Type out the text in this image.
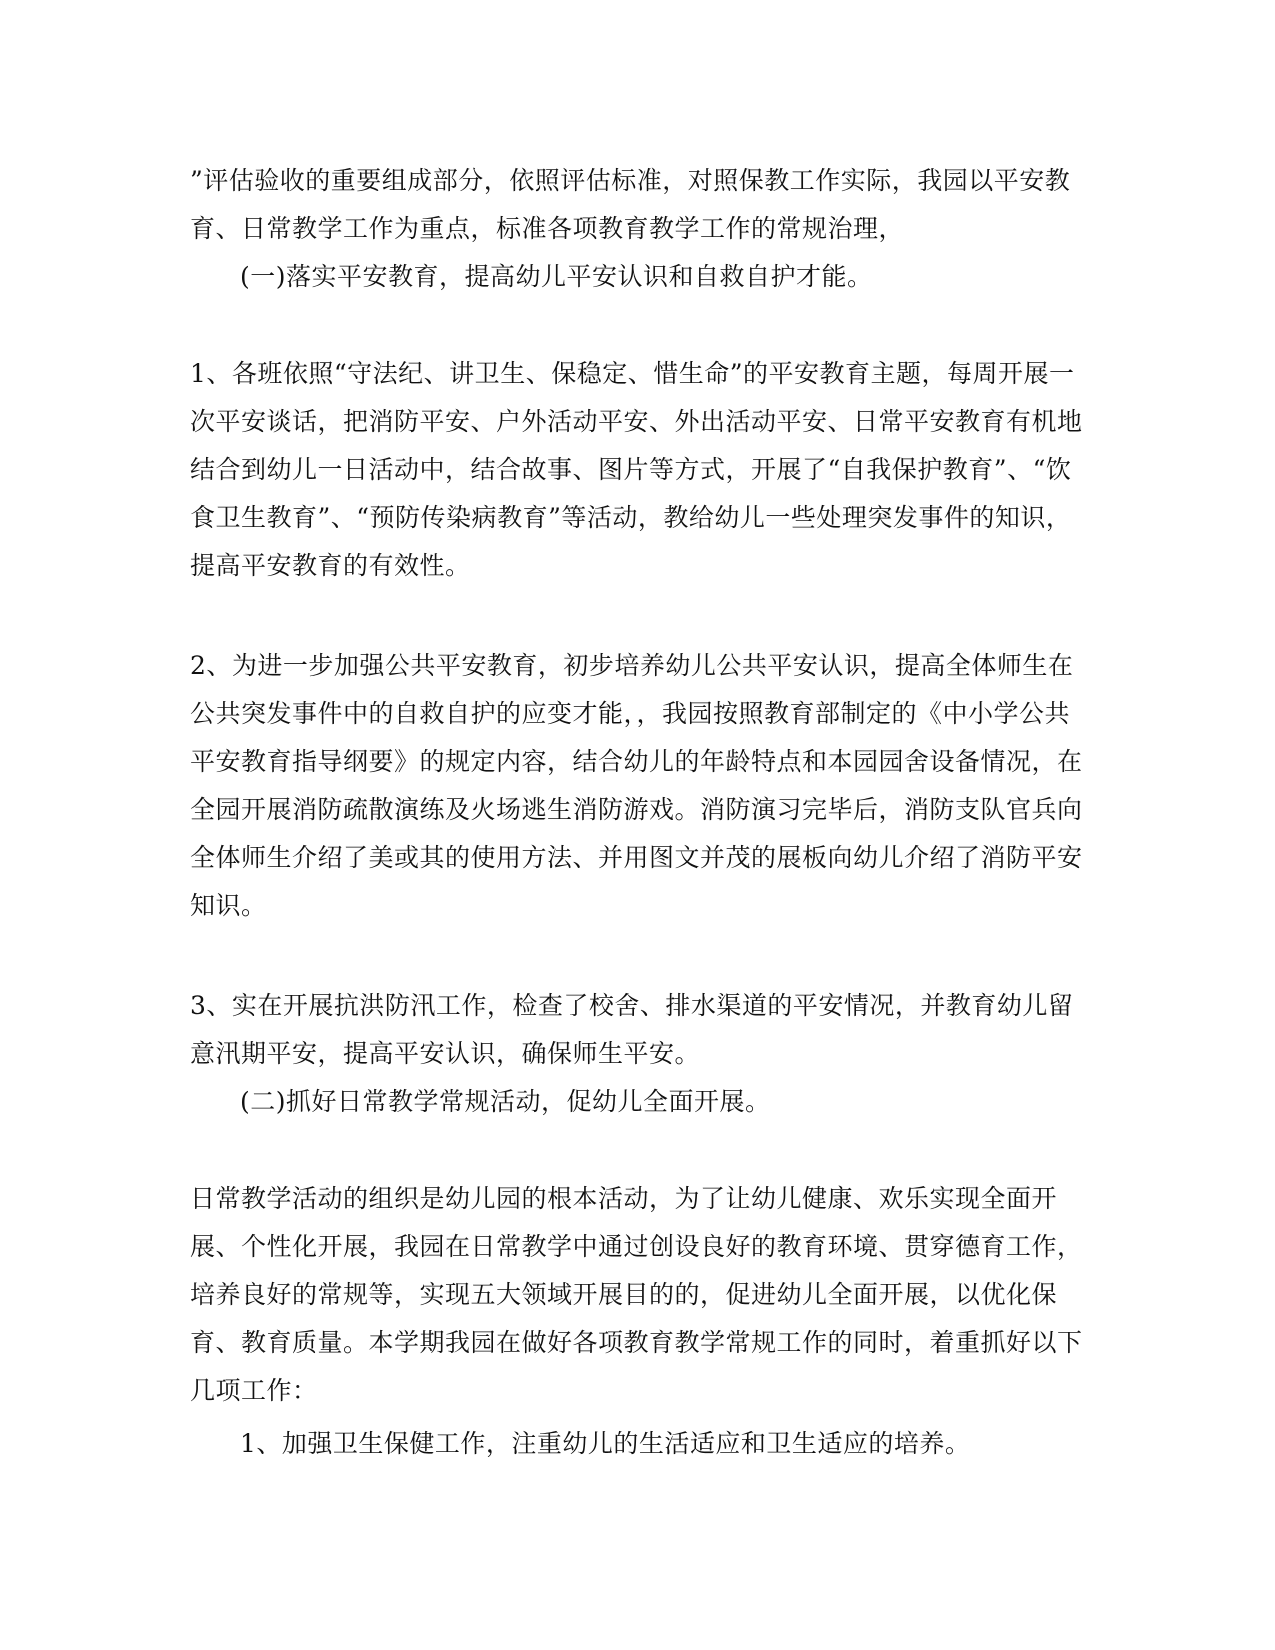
”评估验收的重要组成部分，依照评估标准，对照保教工作实际，我园以平安教育、日常教学工作为重点，标准各项教育教学工作的常规治理，

(一)落实平安教育，提高幼儿平安认识和自救自护才能。

1、各班依照“守法纪、讲卫生、保稳定、惜生命”的平安教育主题，每周开展一次平安谈话，把消防平安、户外活动平安、外出活动平安、日常平安教育有机地结合到幼儿一日活动中，结合故事、图片等方式，开展了“自我保护教育”、“饮食卫生教育”、“预防传染病教育”等活动，教给幼儿一些处理突发事件的知识，提高平安教育的有效性。

2、为进一步加强公共平安教育，初步培养幼儿公共平安认识，提高全体师生在公共突发事件中的自救自护的应变才能，，我园按照教育部制定的《中小学公共平安教育指导纲要》的规定内容，结合幼儿的年龄特点和本园园舍设备情况，在全园开展消防疏散演练及火场逃生消防游戏。消防演习完毕后，消防支队官兵向全体师生介绍了美或其的使用方法、并用图文并茂的展板向幼儿介绍了消防平安知识。

3、实在开展抗洪防汛工作，检查了校舍、排水渠道的平安情况，并教育幼儿留意汛期平安，提高平安认识，确保师生平安。

(二)抓好日常教学常规活动，促幼儿全面开展。

日常教学活动的组织是幼儿园的根本活动，为了让幼儿健康、欢乐实现全面开展、个性化开展，我园在日常教学中通过创设良好的教育环境、贯穿德育工作，培养良好的常规等，实现五大领域开展目的的，促进幼儿全面开展，以优化保育、教育质量。本学期我园在做好各项教育教学常规工作的同时，着重抓好以下几项工作：

1、加强卫生保健工作，注重幼儿的生活适应和卫生适应的培养。
